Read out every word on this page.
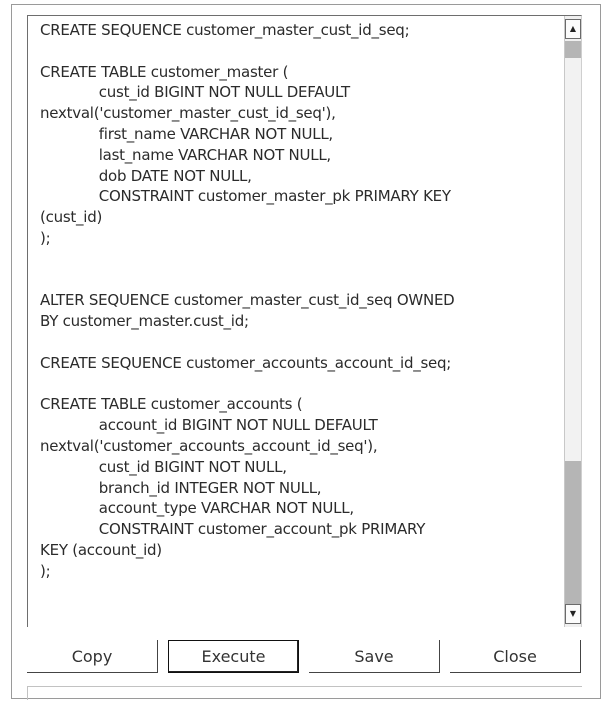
CREATE SEQUENCE customer_master_cust_id_seq;

CREATE TABLE customer_master (
		cust_id BIGINT NOT NULL DEFAULT
nextval('customer_master_cust_id_seq'),
		first_name VARCHAR NOT NULL,
		last_name VARCHAR NOT NULL,
		dob DATE NOT NULL,
		CONSTRAINT customer_master_pk PRIMARY KEY
(cust_id)
);

ALTER SEQUENCE customer_master_cust_id_seq OWNED
BY customer_master.cust_id;

CREATE SEQUENCE customer_accounts_account_id_seq;

CREATE TABLE customer_accounts (
		account_id BIGINT NOT NULL DEFAULT
nextval('customer_accounts_account_id_seq'),
		cust_id BIGINT NOT NULL,
		branch_id INTEGER NOT NULL,
		account_type VARCHAR NOT NULL,
		CONSTRAINT customer_account_pk PRIMARY
KEY (account_id)
);
▲
▼
Copy	Execute	Save	Close
